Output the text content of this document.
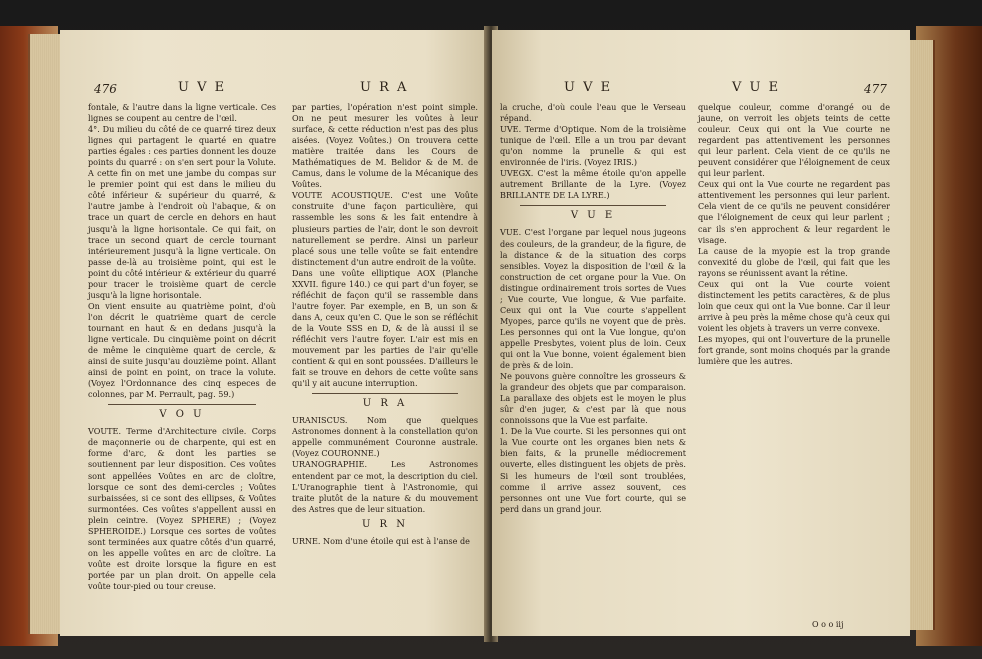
476	U V E	U R A

fontale, & l'autre dans la ligne verticale. Ces lignes se coupent au centre de l'œil.

4°. Du milieu du côté de ce quarré tirez deux lignes qui partagent le quarté en quatre parties égales : ces parties donnent les douze points du quarré : on s'en sert pour la Volute. A cette fin on met une jambe du compas sur le premier point qui est dans le milieu du côté inférieur & supérieur du quarré, & l'autre jambe à l'endroit où l'abaque, & on trace un quart de cercle en dehors en haut jusqu'à la ligne horisontale. Ce qui fait, on trace un second quart de cercle tournant intérieurement jusqu'à la ligne verticale. On passe de-là au troisième point, qui est le point du côté intérieur & extérieur du quarré pour tracer le troisième quart de cercle jusqu'à la ligne horisontale.

On vient ensuite au quatrième point, d'où l'on décrit le quatrième quart de cercle tournant en haut & en dedans jusqu'à la ligne verticale. Du cinquième point on décrit de même le cinquième quart de cercle, & ainsi de suite jusqu'au douzième point. Allant ainsi de point en point, on trace la volute. (Voyez l'Ordonnance des cinq especes de colonnes, par M. Perrault, pag. 59.)

V O U

VOUTE. Terme d'Architecture civile. Corps de maçonnerie ou de charpente, qui est en forme d'arc, & dont les parties se soutiennent par leur disposition. Ces voûtes sont appellées Voûtes en arc de cloître, lorsque ce sont des demi-cercles ; Voûtes surbaissées, si ce sont des ellipses, & Voûtes surmontées. Ces voûtes s'appellent aussi en plein ceintre. (Voyez SPHERE) ; (Voyez SPHEROIDE.) Lorsque ces sortes de voûtes sont terminées aux quatre côtés d'un quarré, on les appelle voûtes en arc de cloître. La voûte est droite lorsque la figure en est portée par un plan droit. On appelle cela voûte tour-pied ou tour creuse.

par parties, l'opération n'est point simple. On ne peut mesurer les voûtes à leur surface, & cette réduction n'est pas des plus aisées. (Voyez Voûtes.) On trouvera cette matière traitée dans les Cours de Mathématiques de M. Belidor & de M. de Camus, dans le volume de la Mécanique des Voûtes.

VOUTE ACOUSTIQUE. C'est une Voûte construite d'une façon particulière, qui rassemble les sons & les fait entendre à plusieurs parties de l'air, dont le son devroit naturellement se perdre. Ainsi un parleur placé sous une telle voûte se fait entendre distinctement d'un autre endroit de la voûte.

Dans une voûte elliptique AOX (Planche XXVII. figure 140.) ce qui part d'un foyer, se réfléchit de façon qu'il se rassemble dans l'autre foyer. Par exemple, en B, un son & dans A, ceux qu'en C. Que le son se réfléchit de la Voute SSS en D, & de là aussi il se réfléchit vers l'autre foyer. L'air est mis en mouvement par les parties de l'air qu'elle contient & qui en sont poussées. D'ailleurs le fait se trouve en dehors de cette voûte sans qu'il y ait aucune interruption.

U R A

URANISCUS. Nom que quelques Astronomes donnent à la constellation qu'on appelle communément Couronne australe. (Voyez COURONNE.)

URANOGRAPHIE. Les Astronomes entendent par ce mot, la description du ciel. L'Uranographie tient à l'Astronomie, qui traite plutôt de la nature & du mouvement des Astres que de leur situation.

U R N

URNE. Nom d'une étoile qui est à l'anse de

U V E	V U E	477

la cruche, d'où coule l'eau que le Verseau répand.

UVE. Terme d'Optique. Nom de la troisième tunique de l'œil. Elle a un trou par devant qu'on nomme la prunelle & qui est environnée de l'iris. (Voyez IRIS.)

UVEGX. C'est la même étoile qu'on appelle autrement Brillante de la Lyre. (Voyez BRILLANTE DE LA LYRE.)

V U E

VUE. C'est l'organe par lequel nous jugeons des couleurs, de la grandeur, de la figure, de la distance & de la situation des corps sensibles. Voyez la disposition de l'œil & la construction de cet organe pour la Vue. On distingue ordinairement trois sortes de Vues ; Vue courte, Vue longue, & Vue parfaite. Ceux qui ont la Vue courte s'appellent Myopes, parce qu'ils ne voyent que de près. Les personnes qui ont la Vue longue, qu'on appelle Presbytes, voient plus de loin. Ceux qui ont la Vue bonne, voient également bien de près & de loin.

Ne pouvons guère connoître les grosseurs & la grandeur des objets que par comparaison. La parallaxe des objets est le moyen le plus sûr d'en juger, & c'est par là que nous connoissons que la Vue est parfaite.

1. De la Vue courte. Si les personnes qui ont la Vue courte ont les organes bien nets & bien faits, & la prunelle médiocrement ouverte, elles distinguent les objets de près. Si les humeurs de l'œil sont troublées, comme il arrive assez souvent, ces personnes ont une Vue fort courte, qui se perd dans un grand jour.

quelque couleur, comme d'orangé ou de jaune, on verroit les objets teints de cette couleur. Ceux qui ont la Vue courte ne regardent pas attentivement les personnes qui leur parlent. Cela vient de ce qu'ils ne peuvent considérer que l'éloignement de ceux qui leur parlent.

Ceux qui ont la Vue courte ne regardent pas attentivement les personnes qui leur parlent. Cela vient de ce qu'ils ne peuvent considérer que l'éloignement de ceux qui leur parlent ; car ils s'en approchent & leur regardent le visage.

La cause de la myopie est la trop grande convexité du globe de l'œil, qui fait que les rayons se réunissent avant la rétine.

Ceux qui ont la Vue courte voient distinctement les petits caractères, & de plus loin que ceux qui ont la Vue bonne. Car il leur arrive à peu près la même chose qu'à ceux qui voient les objets à travers un verre convexe.

Les myopes, qui ont l'ouverture de la prunelle fort grande, sont moins choqués par la grande lumière que les autres.

O o o iij
